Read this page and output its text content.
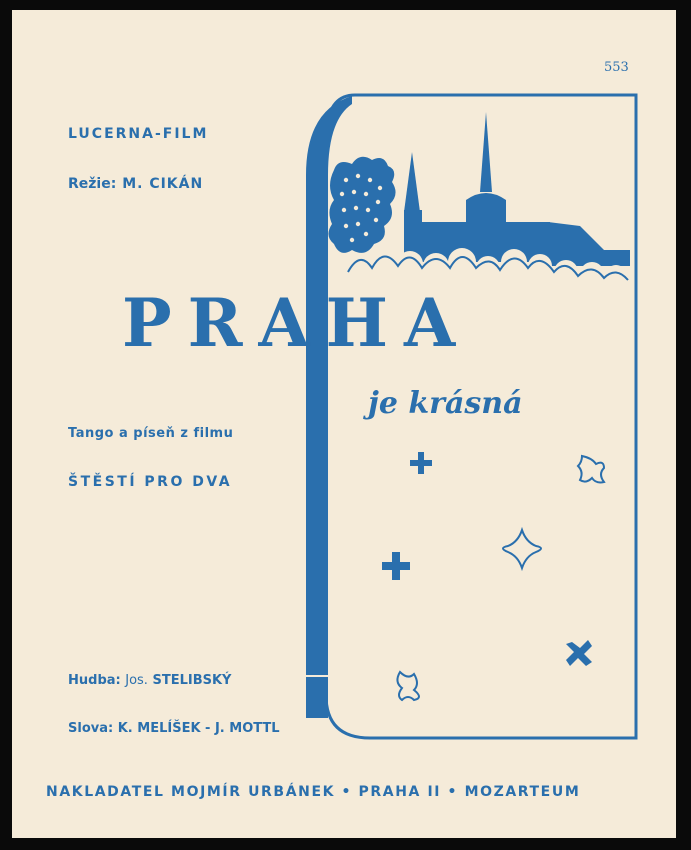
553
LUCERNA-FILM
Režie: M. CIKÁN
PRAHA
je krásná
Tango a píseň z filmu
ŠTĚSTÍ PRO DVA
Hudba: Jos. STELIBSKÝ
Slova: K. MELÍŠEK - J. MOTTL
NAKLADATEL MOJMÍR URBÁNEK • PRAHA II • MOZARTEUM
